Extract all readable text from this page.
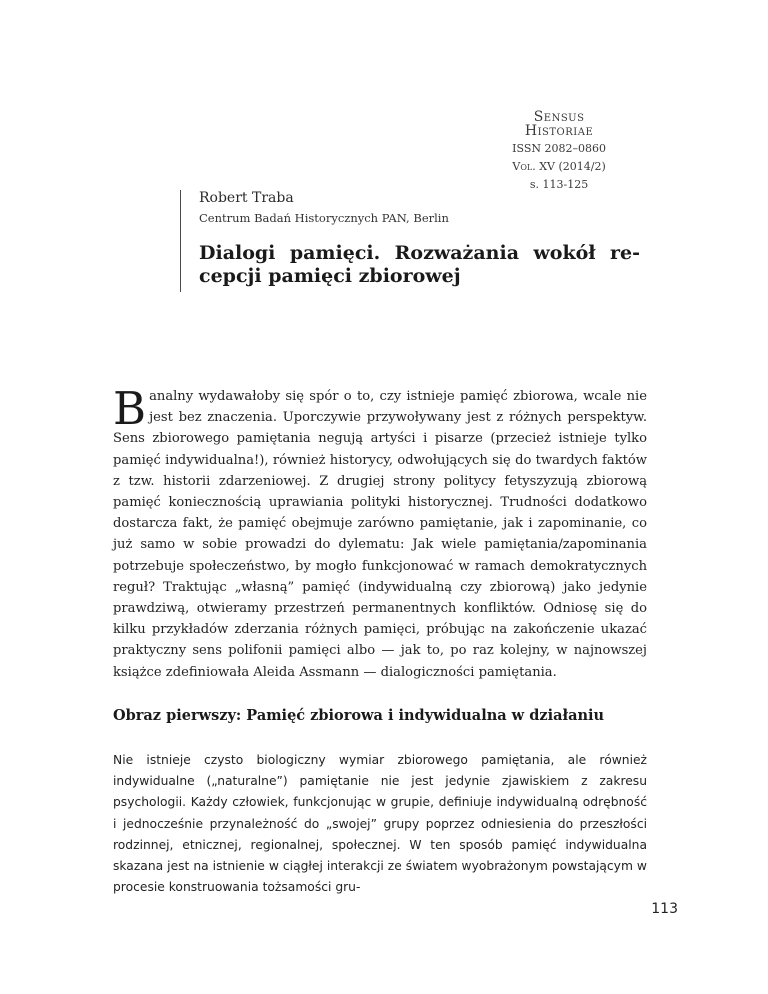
Sensus
Historiae
ISSN 2082–0860
Vol. XV (2014/2)
s. 113-125
Robert Traba
Centrum Badań Historycznych PAN, Berlin
Dialogi pamięci. Rozważania wokół recepcji pamięci zbiorowej
Banalny wydawałoby się spór o to, czy istnieje pamięć zbiorowa, wcale nie jest bez znaczenia. Uporczywie przywoływany jest z różnych perspektyw. Sens zbiorowego pamiętania negują artyści i pisarze (przecież istnieje tylko pamięć indywidualna!), również historycy, odwołujących się do twardych faktów z tzw. historii zdarzeniowej. Z drugiej strony politycy fetyszyzują zbiorową pamięć koniecznością uprawiania polityki historycznej. Trudności dodatkowo dostarcza fakt, że pamięć obejmuje zarówno pamiętanie, jak i zapominanie, co już samo w sobie prowadzi do dylematu: Jak wiele pamiętania/zapominania potrzebuje społeczeństwo, by mogło funkcjonować w ramach demokratycznych reguł? Traktując „własną” pamięć (indywidualną czy zbiorową) jako jedynie prawdziwą, otwieramy przestrzeń permanentnych konfliktów. Odniosę się do kilku przykładów zderzania różnych pamięci, próbując na zakończenie ukazać praktyczny sens polifonii pamięci albo — jak to, po raz kolejny, w najnowszej książce zdefiniowała Aleida Assmann — dialogiczności pamiętania.
Obraz pierwszy: Pamięć zbiorowa i indywidualna w działaniu
Nie istnieje czysto biologiczny wymiar zbiorowego pamiętania, ale również indywidualne („naturalne”) pamiętanie nie jest jedynie zjawiskiem z zakresu psychologii. Każdy człowiek, funkcjonując w grupie, definiuje indywidualną odrębność i jednocześnie przynależność do „swojej” grupy poprzez odniesienia do przeszłości rodzinnej, etnicznej, regionalnej, społecznej. W ten sposób pamięć indywidualna skazana jest na istnienie w ciągłej interakcji ze światem wyobrażonym powstającym w procesie konstruowania tożsamości gru-
113
